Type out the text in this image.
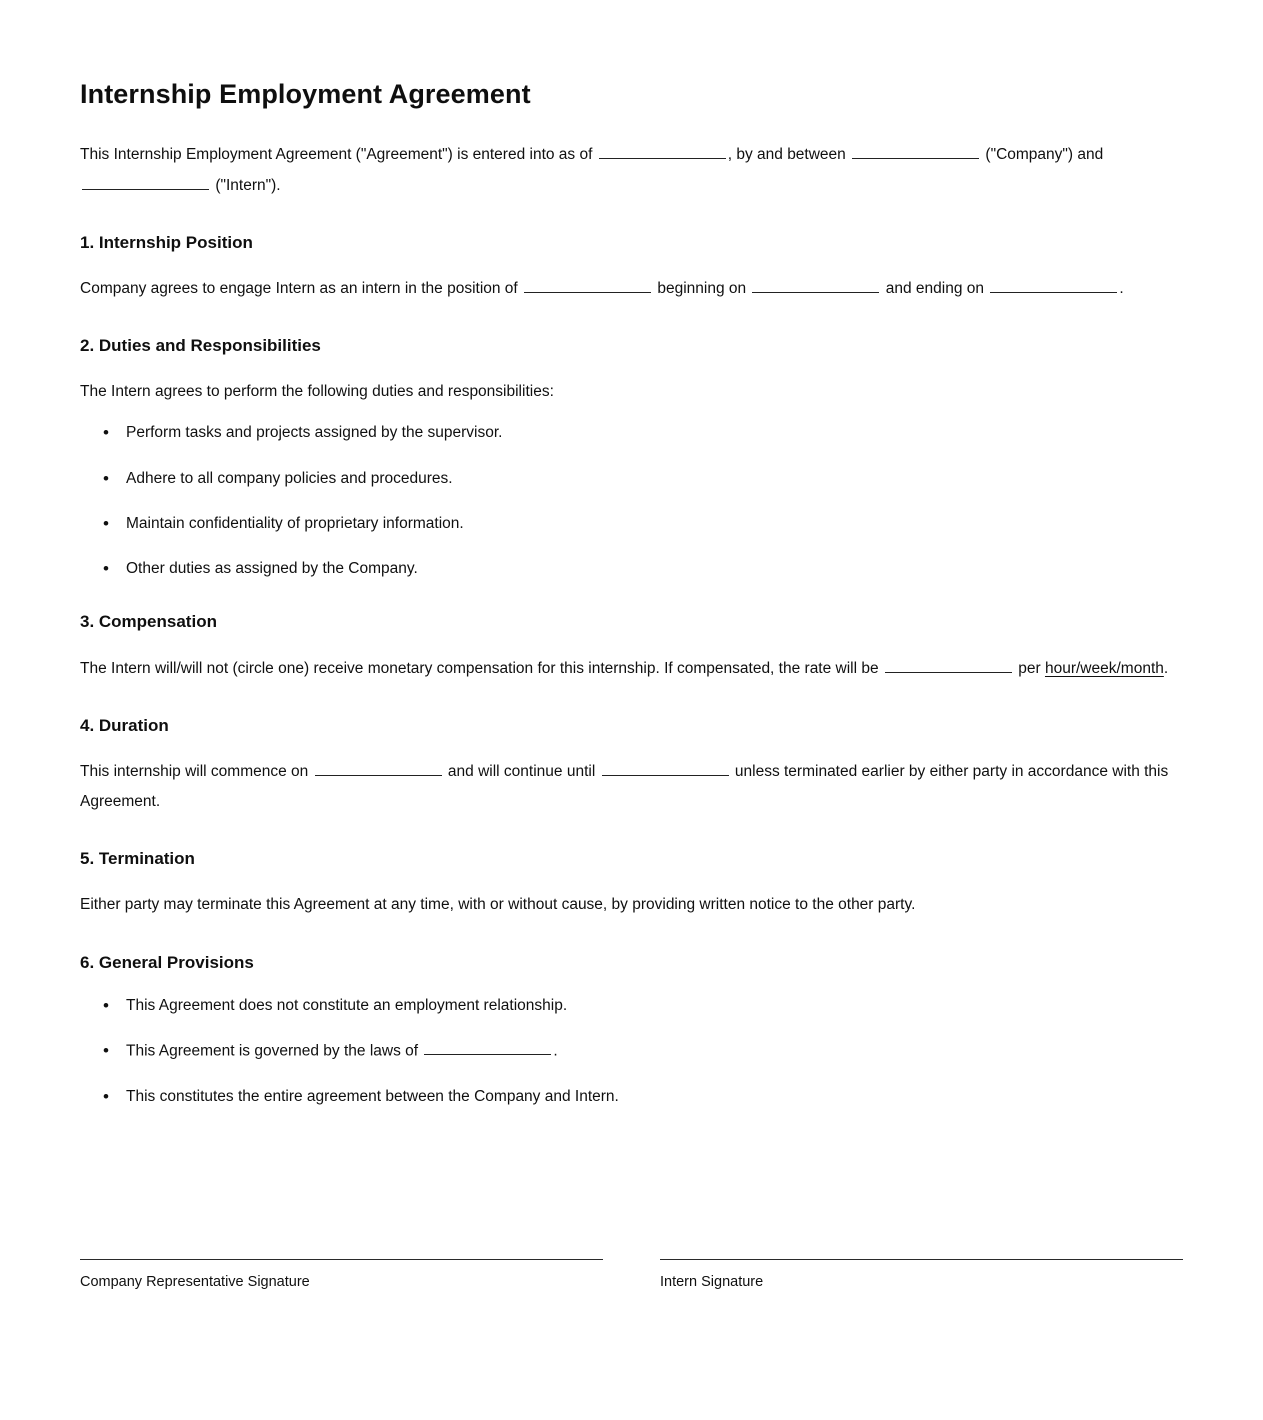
Internship Employment Agreement

This Internship Employment Agreement ("Agreement") is entered into as of	, by and between	("Company") and  ("Intern").

1. Internship Position

Company agrees to engage Intern as an intern in the position of	beginning on	and ending on	.

2. Duties and Responsibilities

The Intern agrees to perform the following duties and responsibilities:

• Perform tasks and projects assigned by the supervisor.
• Adhere to all company policies and procedures.
• Maintain confidentiality of proprietary information.
• Other duties as assigned by the Company.
3. Compensation

The Intern will/will not (circle one) receive monetary compensation for this internship. If compensated, the rate will be	per hour/week/month.

4. Duration

This internship will commence on	and will continue until	unless terminated earlier by either party in accordance with this Agreement.

5. Termination

Either party may terminate this Agreement at any time, with or without cause, by providing written notice to the other party.

6. General Provisions
• This Agreement does not constitute an employment relationship.
• This Agreement is governed by the laws of	.
• This constitutes the entire agreement between the Company and Intern.
Company Representative Signature	Intern Signature
